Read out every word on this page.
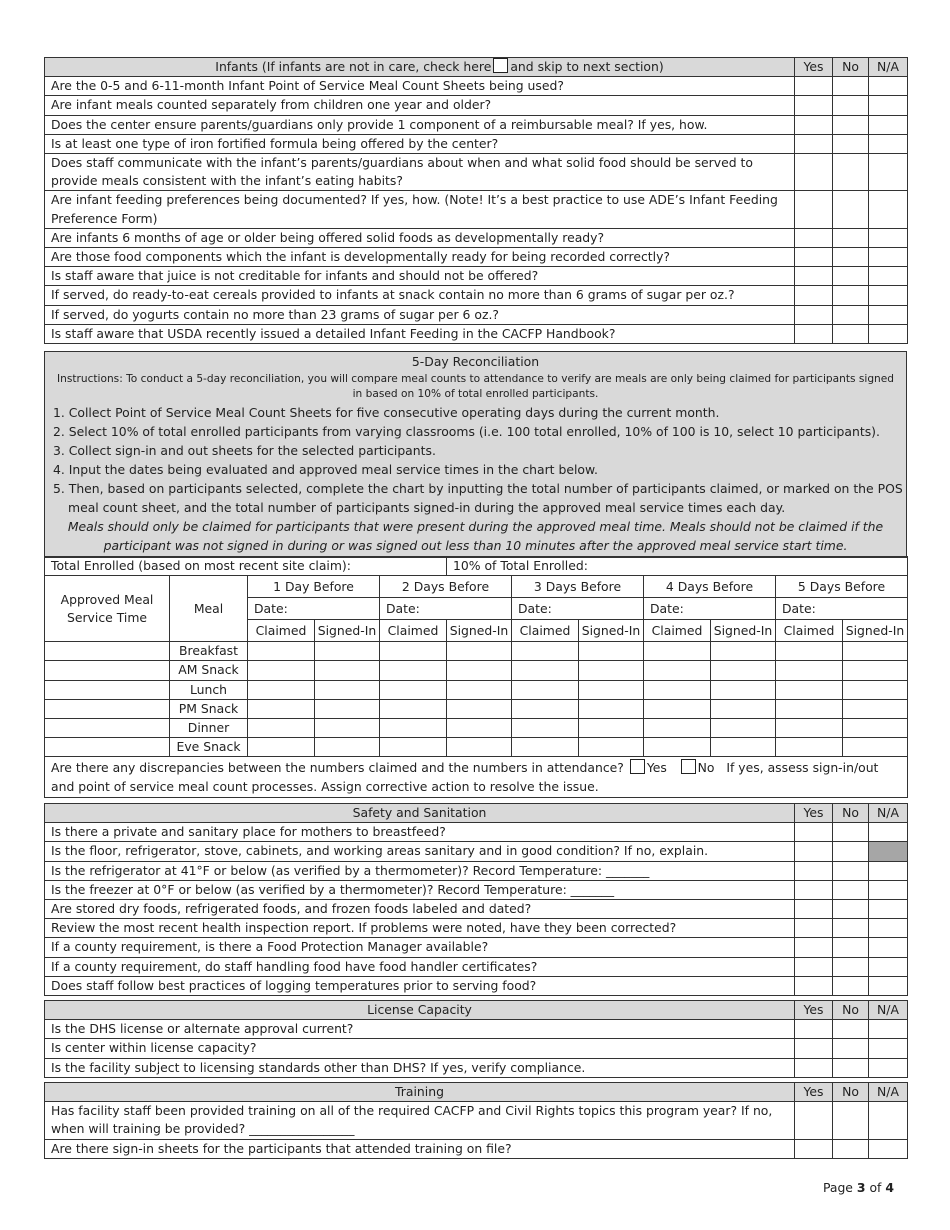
Infants (If infants are not in care, check here and skip to next section)	Yes	No	N/A
Are the 0-5 and 6-11-month Infant Point of Service Meal Count Sheets being used?			
Are infant meals counted separately from children one year and older?			
Does the center ensure parents/guardians only provide 1 component of a reimbursable meal? If yes, how.			
Is at least one type of iron fortified formula being offered by the center?			
Does staff communicate with the infant’s parents/guardians about when and what solid food should be served to provide meals consistent with the infant’s eating habits?			
Are infant feeding preferences being documented? If yes, how. (Note! It’s a best practice to use ADE’s Infant Feeding Preference Form)			
Are infants 6 months of age or older being offered solid foods as developmentally ready?			
Are those food components which the infant is developmentally ready for being recorded correctly?			
Is staff aware that juice is not creditable for infants and should not be offered?			
If served, do ready-to-eat cereals provided to infants at snack contain no more than 6 grams of sugar per oz.?			
If served, do yogurts contain no more than 23 grams of sugar per 6 oz.?			
Is staff aware that USDA recently issued a detailed Infant Feeding in the CACFP Handbook?			
5-Day Reconciliation
Instructions: To conduct a 5-day reconciliation, you will compare meal counts to attendance to verify are meals are only being claimed for participants signed in based on 10% of total enrolled participants.
1. Collect Point of Service Meal Count Sheets for five consecutive operating days during the current month.
2. Select 10% of total enrolled participants from varying classrooms (i.e. 100 total enrolled, 10% of 100 is 10, select 10 participants).
3. Collect sign-in and out sheets for the selected participants.
4. Input the dates being evaluated and approved meal service times in the chart below.
5. Then, based on participants selected, complete the chart by inputting the total number of participants claimed, or marked on the POS meal count sheet, and the total number of participants signed-in during the approved meal service times each day.
Meals should only be claimed for participants that were present during the approved meal time. Meals should not be claimed if the participant was not signed in during or was signed out less than 10 minutes after the approved meal service start time.
Total Enrolled (based on most recent site claim):					10% of Total Enrolled:						
Approved Meal Service Time	Meal	1 Day Before		2 Days Before		3 Days Before		4 Days Before		5 Days Before	
		Date:		Date:		Date:		Date:		Date:	
		Claimed	Signed-In	Claimed	Signed-In	Claimed	Signed-In	Claimed	Signed-In	Claimed	Signed-In
	Breakfast										
	AM Snack										
	Lunch										
	PM Snack										
	Dinner										
	Eve Snack										
Are there any discrepancies between the numbers claimed and the numbers in attendance? Yes No If yes, assess sign-in/out
and point of service meal count processes. Assign corrective action to resolve the issue.											
Safety and Sanitation	Yes	No	N/A
Is there a private and sanitary place for mothers to breastfeed?			
Is the floor, refrigerator, stove, cabinets, and working areas sanitary and in good condition? If no, explain.			
Is the refrigerator at 41°F or below (as verified by a thermometer)? Record Temperature: _______			
Is the freezer at 0°F or below (as verified by a thermometer)? Record Temperature: _______			
Are stored dry foods, refrigerated foods, and frozen foods labeled and dated?			
Review the most recent health inspection report. If problems were noted, have they been corrected?			
If a county requirement, is there a Food Protection Manager available?			
If a county requirement, do staff handling food have food handler certificates?			
Does staff follow best practices of logging temperatures prior to serving food?			
License Capacity	Yes	No	N/A
Is the DHS license or alternate approval current?			
Is center within license capacity?			
Is the facility subject to licensing standards other than DHS? If yes, verify compliance.			
Training	Yes	No	N/A
Has facility staff been provided training on all of the required CACFP and Civil Rights topics this program year? If no, when will training be provided? _________________			
Are there sign-in sheets for the participants that attended training on file?			
Page 3 of 4
